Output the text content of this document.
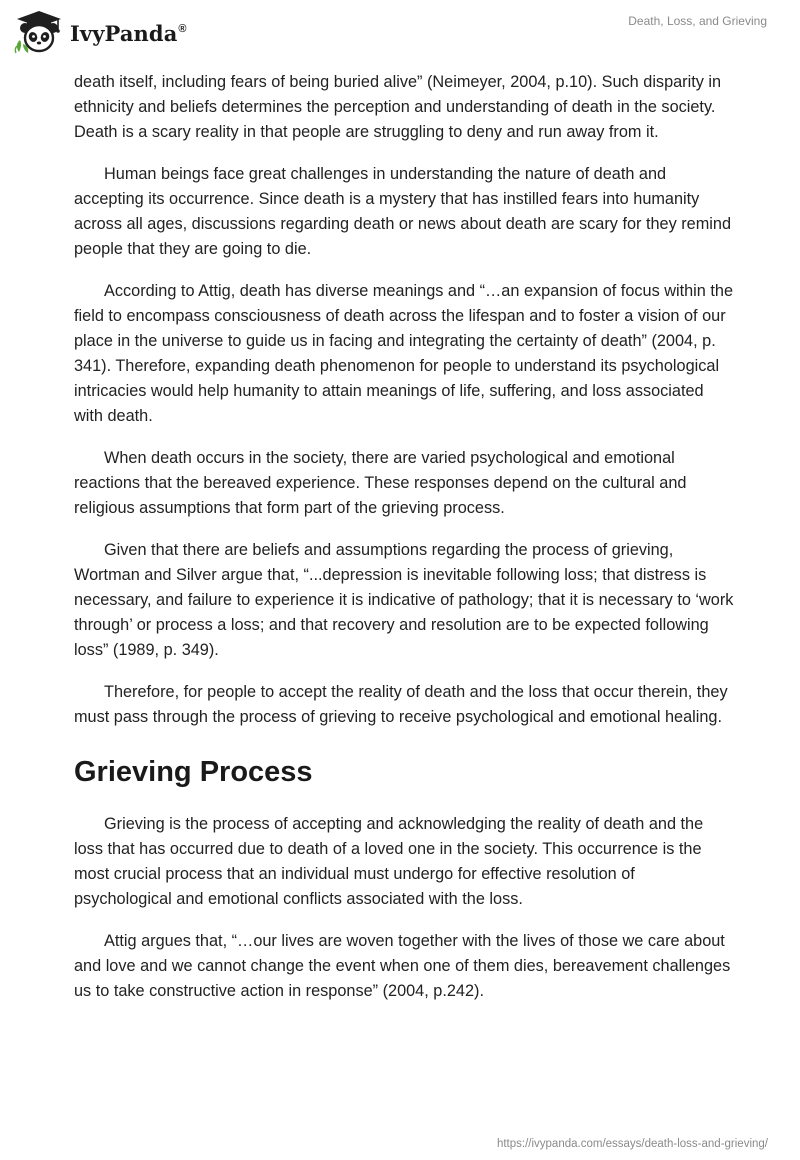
IvyPanda®
Death, Loss, and Grieving

death itself, including fears of being buried alive” (Neimeyer, 2004, p.10). Such disparity in ethnicity and beliefs determines the perception and understanding of death in the society. Death is a scary reality in that people are struggling to deny and run away from it.

Human beings face great challenges in understanding the nature of death and accepting its occurrence. Since death is a mystery that has instilled fears into humanity across all ages, discussions regarding death or news about death are scary for they remind people that they are going to die.

According to Attig, death has diverse meanings and “…an expansion of focus within the field to encompass consciousness of death across the lifespan and to foster a vision of our place in the universe to guide us in facing and integrating the certainty of death” (2004, p. 341). Therefore, expanding death phenomenon for people to understand its psychological intricacies would help humanity to attain meanings of life, suffering, and loss associated with death.

When death occurs in the society, there are varied psychological and emotional reactions that the bereaved experience. These responses depend on the cultural and religious assumptions that form part of the grieving process.

Given that there are beliefs and assumptions regarding the process of grieving, Wortman and Silver argue that, “...depression is inevitable following loss; that distress is necessary, and failure to experience it is indicative of pathology; that it is necessary to ‘work through’ or process a loss; and that recovery and resolution are to be expected following loss” (1989, p. 349).

Therefore, for people to accept the reality of death and the loss that occur therein, they must pass through the process of grieving to receive psychological and emotional healing.

Grieving Process

Grieving is the process of accepting and acknowledging the reality of death and the loss that has occurred due to death of a loved one in the society. This occurrence is the most crucial process that an individual must undergo for effective resolution of psychological and emotional conflicts associated with the loss.

Attig argues that, “…our lives are woven together with the lives of those we care about and love and we cannot change the event when one of them dies, bereavement challenges us to take constructive action in response” (2004, p.242).

https://ivypanda.com/essays/death-loss-and-grieving/
